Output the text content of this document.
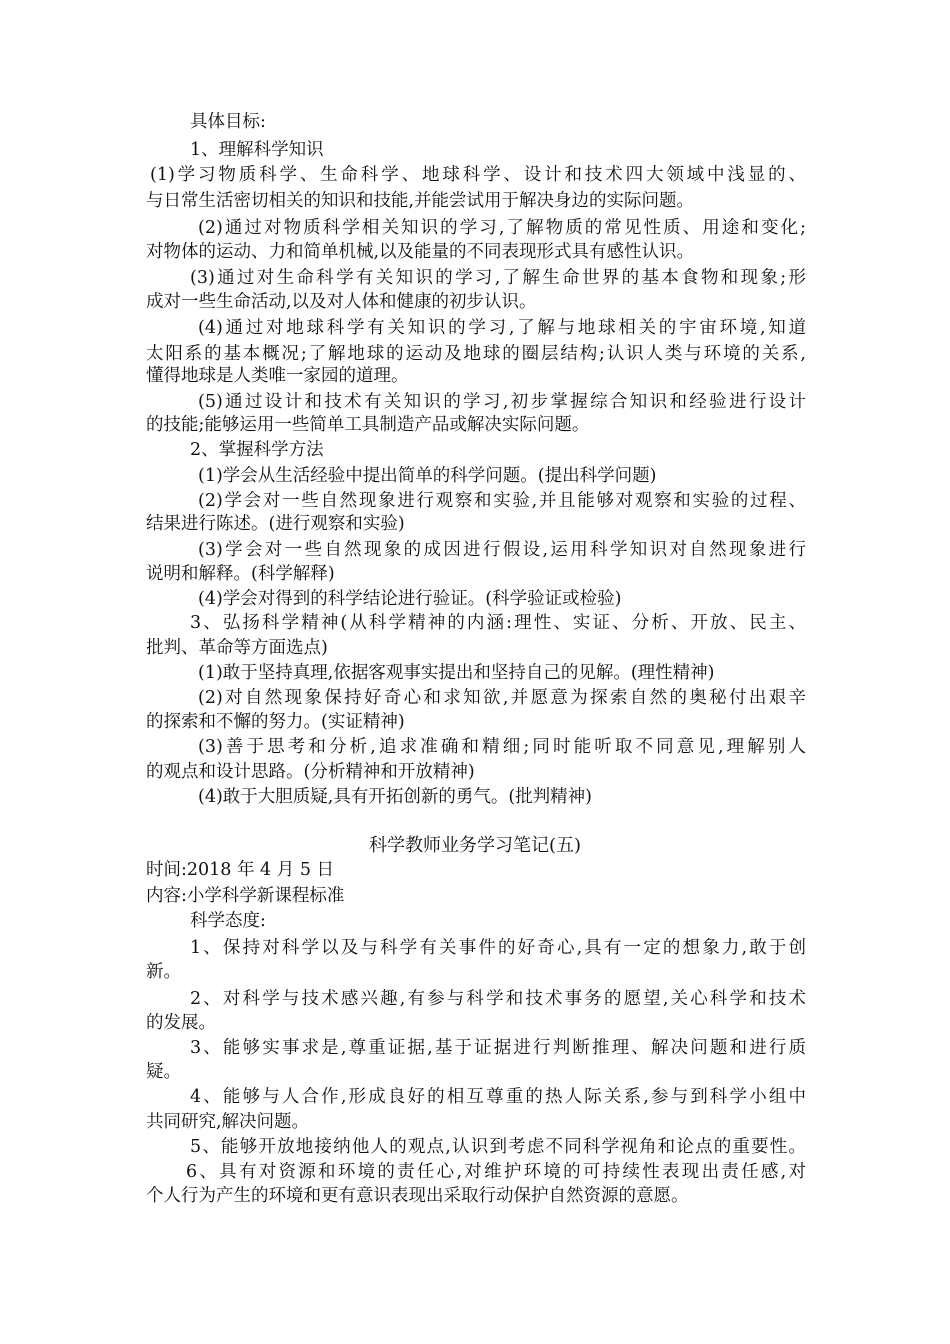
具体目标:
1、理解科学知识
(1)学习物质科学、生命科学、地球科学、设计和技术四大领域中浅显的、
与日常生活密切相关的知识和技能,并能尝试用于解决身边的实际问题。
(2)通过对物质科学相关知识的学习,了解物质的常见性质、用途和变化;
对物体的运动、力和简单机械,以及能量的不同表现形式具有感性认识。
(3)通过对生命科学有关知识的学习,了解生命世界的基本食物和现象;形
成对一些生命活动,以及对人体和健康的初步认识。
(4)通过对地球科学有关知识的学习,了解与地球相关的宇宙环境,知道
太阳系的基本概况;了解地球的运动及地球的圈层结构;认识人类与环境的关系,
懂得地球是人类唯一家园的道理。
(5)通过设计和技术有关知识的学习,初步掌握综合知识和经验进行设计
的技能;能够运用一些简单工具制造产品或解决实际问题。
2、掌握科学方法
(1)学会从生活经验中提出简单的科学问题。(提出科学问题)
(2)学会对一些自然现象进行观察和实验,并且能够对观察和实验的过程、
结果进行陈述。(进行观察和实验)
(3)学会对一些自然现象的成因进行假设,运用科学知识对自然现象进行
说明和解释。(科学解释)
(4)学会对得到的科学结论进行验证。(科学验证或检验)
3、弘扬科学精神(从科学精神的内涵:理性、实证、分析、开放、民主、
批判、革命等方面选点)
(1)敢于坚持真理,依据客观事实提出和坚持自己的见解。(理性精神)
(2)对自然现象保持好奇心和求知欲,并愿意为探索自然的奥秘付出艰辛
的探索和不懈的努力。(实证精神)
(3)善于思考和分析,追求准确和精细;同时能听取不同意见,理解别人
的观点和设计思路。(分析精神和开放精神)
(4)敢于大胆质疑,具有开拓创新的勇气。(批判精神)
科学教师业务学习笔记(五)
时间:2018 年 4 月 5 日
内容:小学科学新课程标准
科学态度:
1、保持对科学以及与科学有关事件的好奇心,具有一定的想象力,敢于创
新。
2、对科学与技术感兴趣,有参与科学和技术事务的愿望,关心科学和技术
的发展。
3、能够实事求是,尊重证据,基于证据进行判断推理、解决问题和进行质
疑。
4、能够与人合作,形成良好的相互尊重的热人际关系,参与到科学小组中
共同研究,解决问题。
5、能够开放地接纳他人的观点,认识到考虑不同科学视角和论点的重要性。
6、具有对资源和环境的责任心,对维护环境的可持续性表现出责任感,对
个人行为产生的环境和更有意识表现出采取行动保护自然资源的意愿。
